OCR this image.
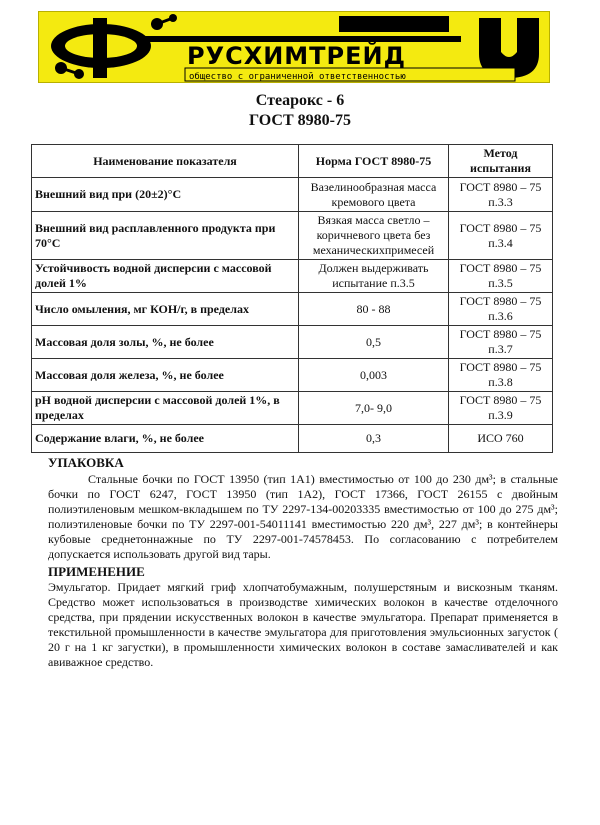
РУСХИМТРЕЙД
общество с ограниченной ответственностью
Стеарокс - 6
ГОСТ 8980-75
Наименование показателя	Норма ГОСТ 8980-75	Метод испытания
Внешний вид при (20±2)°С	Вазелинообразная масса кремового цвета	ГОСТ 8980 – 75 п.3.3
Внешний вид расплавленного продукта при 70°С	Вязкая масса светло – коричневого цвета без механическихпримесей	ГОСТ 8980 – 75 п.3.4
Устойчивость водной дисперсии с массовой долей 1%	Должен выдерживать испытание п.3.5	ГОСТ 8980 – 75 п.3.5
Число омыления, мг КОН/г, в пределах	80 - 88	ГОСТ 8980 – 75 п.3.6
Массовая доля золы, %, не более	0,5	ГОСТ 8980 – 75 п.3.7
Массовая доля железа, %, не более	0,003	ГОСТ 8980 – 75 п.3.8
рН водной дисперсии с массовой долей 1%, в пределах	7,0- 9,0	ГОСТ 8980 – 75 п.3.9
Содержание влаги, %, не более	0,3	ИСО 760
УПАКОВКА
Стальные бочки по ГОСТ 13950 (тип 1А1) вместимостью от 100 до 230 дм³; в стальные бочки по ГОСТ 6247, ГОСТ 13950 (тип 1А2), ГОСТ 17366, ГОСТ 26155 с двойным полиэтиленовым мешком-вкладышем по ТУ 2297-134-00203335 вместимостью от 100 до 275 дм³; полиэтиленовые бочки по ТУ 2297-001-54011141 вместимостью 220 дм³, 227 дм³; в контейнеры кубовые среднетоннажные по ТУ 2297-001-74578453. По согласованию с потребителем допускается использовать другой вид тары.
ПРИМЕНЕНИЕ
Эмульгатор. Придает мягкий гриф хлопчатобумажным, полушерстяным и вискозным тканям. Средство может использоваться в производстве химических волокон в качестве отделочного средства, при прядении искусственных волокон в качестве эмульгатора. Препарат применяется в текстильной промышленности в качестве эмульгатора для приготовления эмульсионных загусток ( 20 г на 1 кг загустки), в промышленности химических волокон в составе замасливателей и как авиважное средство.
